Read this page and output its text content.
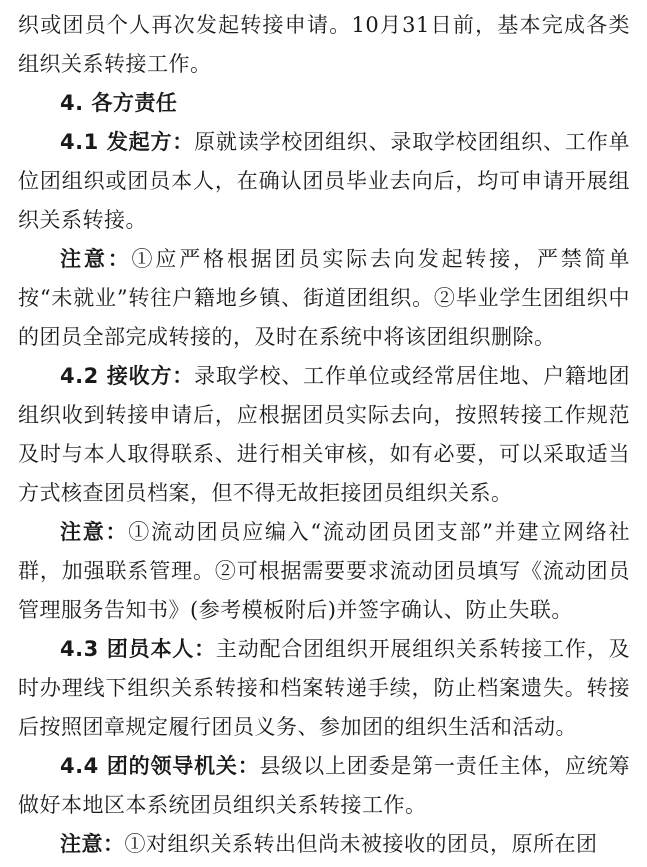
织或团员个人再次发起转接申请。10月31日前，基本完成各类组织关系转接工作。
4. 各方责任
4.1 发起方：原就读学校团组织、录取学校团组织、工作单位团组织或团员本人，在确认团员毕业去向后，均可申请开展组织关系转接。
注意：①应严格根据团员实际去向发起转接，严禁简单按“未就业”转往户籍地乡镇、街道团组织。②毕业学生团组织中的团员全部完成转接的，及时在系统中将该团组织删除。
4.2 接收方：录取学校、工作单位或经常居住地、户籍地团组织收到转接申请后，应根据团员实际去向，按照转接工作规范及时与本人取得联系、进行相关审核，如有必要，可以采取适当方式核查团员档案，但不得无故拒接团员组织关系。
注意：①流动团员应编入“流动团员团支部”并建立网络社群，加强联系管理。②可根据需要要求流动团员填写《流动团员管理服务告知书》(参考模板附后)并签字确认、防止失联。
4.3 团员本人：主动配合团组织开展组织关系转接工作，及时办理线下组织关系转接和档案转递手续，防止档案遗失。转接后按照团章规定履行团员义务、参加团的组织生活和活动。
4.4 团的领导机关：县级以上团委是第一责任主体，应统筹做好本地区本系统团员组织关系转接工作。
注意：①对组织关系转出但尚未被接收的团员，原所在团
